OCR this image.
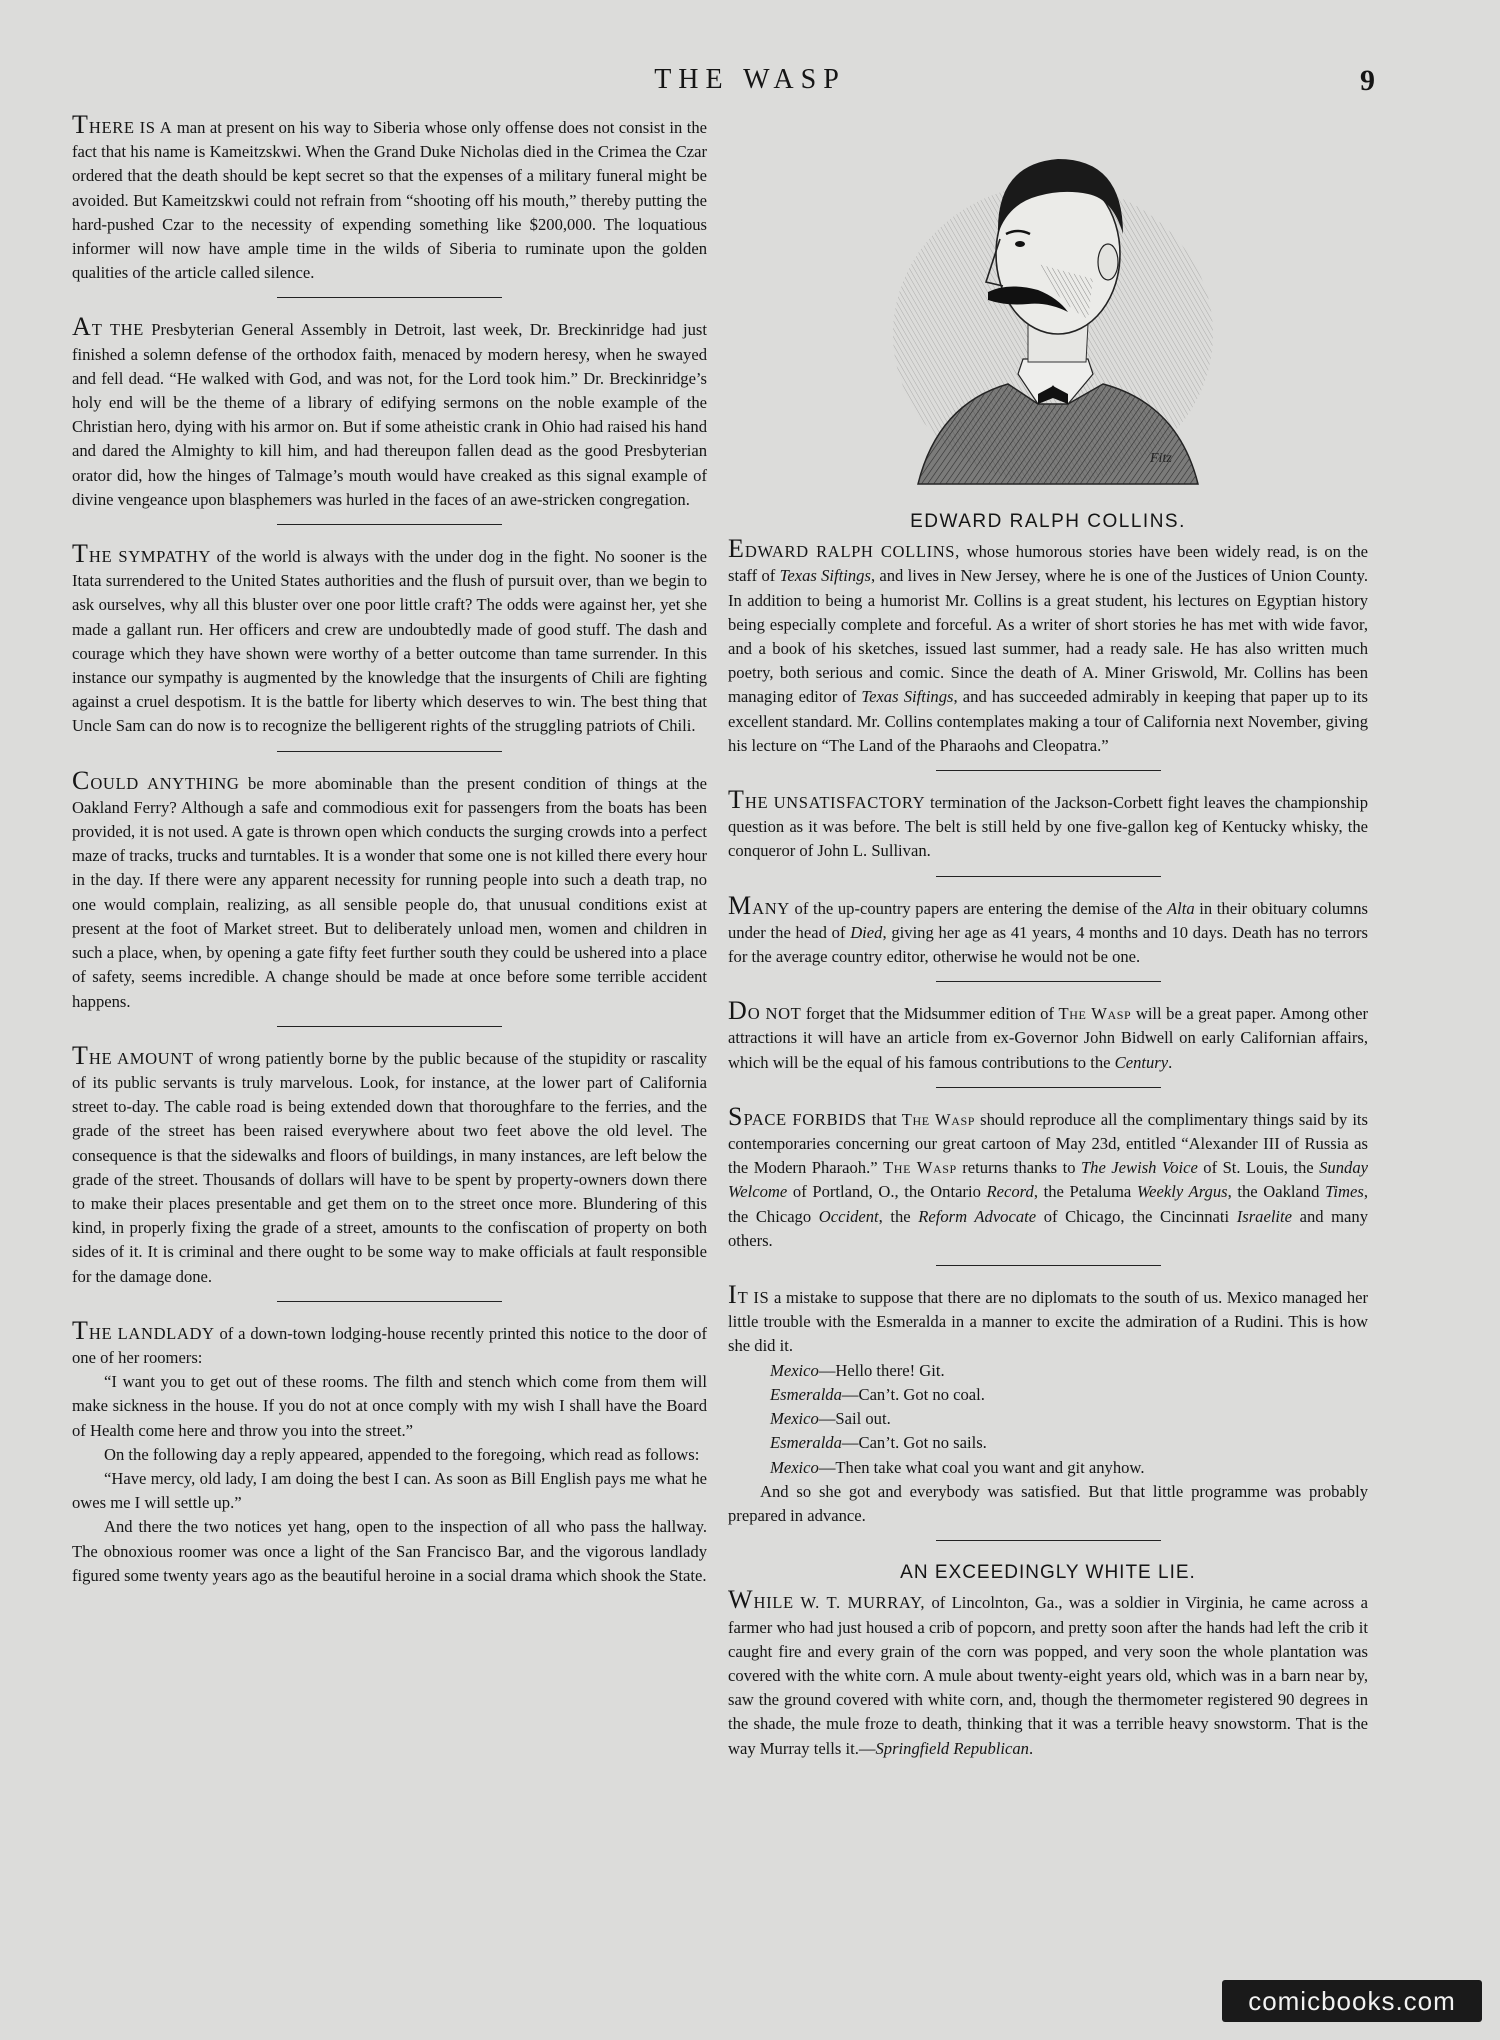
THE WASP	9

THERE IS A man at present on his way to Siberia whose only offense does not consist in the fact that his name is Kameitzskwi. When the Grand Duke Nicholas died in the Crimea the Czar ordered that the death should be kept secret so that the expenses of a military funeral might be avoided. But Kameitzskwi could not refrain from “shooting off his mouth,” thereby putting the hard-pushed Czar to the necessity of expending something like $200,000. The loquatious informer will now have ample time in the wilds of Siberia to ruminate upon the golden qualities of the article called silence.

AT THE Presbyterian General Assembly in Detroit, last week, Dr. Breckinridge had just finished a solemn defense of the orthodox faith, menaced by modern heresy, when he swayed and fell dead. “He walked with God, and was not, for the Lord took him.” Dr. Breckinridge’s holy end will be the theme of a library of edifying sermons on the noble example of the Christian hero, dying with his armor on. But if some atheistic crank in Ohio had raised his hand and dared the Almighty to kill him, and had thereupon fallen dead as the good Presbyterian orator did, how the hinges of Talmage’s mouth would have creaked as this signal example of divine vengeance upon blasphemers was hurled in the faces of an awe-stricken congregation.

THE SYMPATHY of the world is always with the under dog in the fight. No sooner is the Itata surrendered to the United States authorities and the flush of pursuit over, than we begin to ask ourselves, why all this bluster over one poor little craft? The odds were against her, yet she made a gallant run. Her officers and crew are undoubtedly made of good stuff. The dash and courage which they have shown were worthy of a better outcome than tame surrender. In this instance our sympathy is augmented by the knowledge that the insurgents of Chili are fighting against a cruel despotism. It is the battle for liberty which deserves to win. The best thing that Uncle Sam can do now is to recognize the belligerent rights of the struggling patriots of Chili.

COULD ANYTHING be more abominable than the present condition of things at the Oakland Ferry? Although a safe and commodious exit for passengers from the boats has been provided, it is not used. A gate is thrown open which conducts the surging crowds into a perfect maze of tracks, trucks and turntables. It is a wonder that some one is not killed there every hour in the day. If there were any apparent necessity for running people into such a death trap, no one would complain, realizing, as all sensible people do, that unusual conditions exist at present at the foot of Market street. But to deliberately unload men, women and children in such a place, when, by opening a gate fifty feet further south they could be ushered into a place of safety, seems incredible. A change should be made at once before some terrible accident happens.

THE AMOUNT of wrong patiently borne by the public because of the stupidity or rascality of its public servants is truly marvelous. Look, for instance, at the lower part of California street to-day. The cable road is being extended down that thoroughfare to the ferries, and the grade of the street has been raised everywhere about two feet above the old level. The consequence is that the sidewalks and floors of buildings, in many instances, are left below the grade of the street. Thousands of dollars will have to be spent by property-owners down there to make their places presentable and get them on to the street once more. Blundering of this kind, in properly fixing the grade of a street, amounts to the confiscation of property on both sides of it. It is criminal and there ought to be some way to make officials at fault responsible for the damage done.

THE LANDLADY of a down-town lodging-house recently printed this notice to the door of one of her roomers:

“I want you to get out of these rooms. The filth and stench which come from them will make sickness in the house. If you do not at once comply with my wish I shall have the Board of Health come here and throw you into the street.”

On the following day a reply appeared, appended to the foregoing, which read as follows:

“Have mercy, old lady, I am doing the best I can. As soon as Bill English pays me what he owes me I will settle up.”

And there the two notices yet hang, open to the inspection of all who pass the hallway. The obnoxious roomer was once a light of the San Francisco Bar, and the vigorous landlady figured some twenty years ago as the beautiful heroine in a social drama which shook the State.

Fitz
EDWARD RALPH COLLINS.

EDWARD RALPH COLLINS, whose humorous stories have been widely read, is on the staff of Texas Siftings, and lives in New Jersey, where he is one of the Justices of Union County. In addition to being a humorist Mr. Collins is a great student, his lectures on Egyptian history being especially complete and forceful. As a writer of short stories he has met with wide favor, and a book of his sketches, issued last summer, had a ready sale. He has also written much poetry, both serious and comic. Since the death of A. Miner Griswold, Mr. Collins has been managing editor of Texas Siftings, and has succeeded admirably in keeping that paper up to its excellent standard. Mr. Collins contemplates making a tour of California next November, giving his lecture on “The Land of the Pharaohs and Cleopatra.”

THE UNSATISFACTORY termination of the Jackson-Corbett fight leaves the championship question as it was before. The belt is still held by one five-gallon keg of Kentucky whisky, the conqueror of John L. Sullivan.

MANY of the up-country papers are entering the demise of the Alta in their obituary columns under the head of Died, giving her age as 41 years, 4 months and 10 days. Death has no terrors for the average country editor, otherwise he would not be one.

DO NOT forget that the Midsummer edition of The Wasp will be a great paper. Among other attractions it will have an article from ex-Governor John Bidwell on early Californian affairs, which will be the equal of his famous contributions to the Century.

SPACE FORBIDS that The Wasp should reproduce all the complimentary things said by its contemporaries concerning our great cartoon of May 23d, entitled “Alexander III of Russia as the Modern Pharaoh.” The Wasp returns thanks to The Jewish Voice of St. Louis, the Sunday Welcome of Portland, O., the Ontario Record, the Petaluma Weekly Argus, the Oakland Times, the Chicago Occident, the Reform Advocate of Chicago, the Cincinnati Israelite and many others.

IT IS a mistake to suppose that there are no diplomats to the south of us. Mexico managed her little trouble with the Esmeralda in a manner to excite the admiration of a Rudini. This is how she did it.

Mexico—Hello there! Git.

Esmeralda—Can’t. Got no coal.

Mexico—Sail out.

Esmeralda—Can’t. Got no sails.

Mexico—Then take what coal you want and git anyhow.

And so she got and everybody was satisfied. But that little programme was probably prepared in advance.

AN EXCEEDINGLY WHITE LIE.

WHILE W. T. MURRAY, of Lincolnton, Ga., was a soldier in Virginia, he came across a farmer who had just housed a crib of popcorn, and pretty soon after the hands had left the crib it caught fire and every grain of the corn was popped, and very soon the whole plantation was covered with the white corn. A mule about twenty-eight years old, which was in a barn near by, saw the ground covered with white corn, and, though the thermometer registered 90 degrees in the shade, the mule froze to death, thinking that it was a terrible heavy snowstorm. That is the way Murray tells it.—Springfield Republican.

comicbooks.com
